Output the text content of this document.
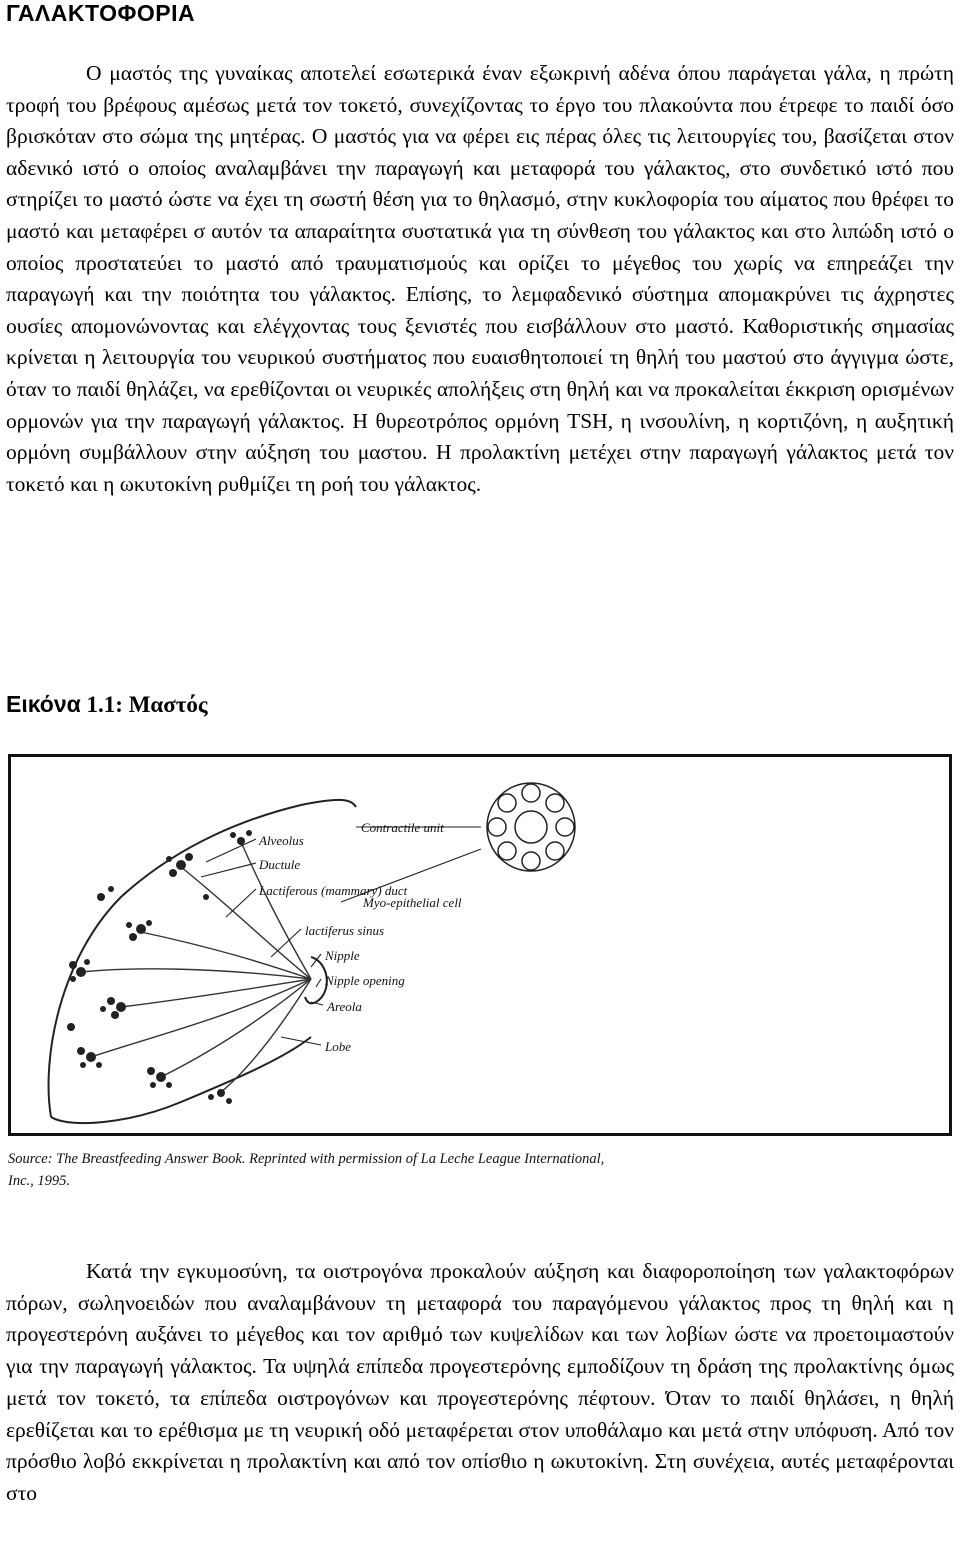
ΓΑΛΑΚΤΟΦΟΡΙΑ

Ο μαστός της γυναίκας αποτελεί εσωτερικά έναν εξωκρινή αδένα όπου παράγεται γάλα, η πρώτη τροφή του βρέφους αμέσως μετά τον τοκετό, συνεχίζοντας το έργο του πλακούντα που έτρεφε το παιδί όσο βρισκόταν στο σώμα της μητέρας. Ο μαστός για να φέρει εις πέρας όλες τις λειτουργίες του, βασίζεται στον αδενικό ιστό ο οποίος αναλαμβάνει την παραγωγή και μεταφορά του γάλακτος, στο συνδετικό ιστό που στηρίζει το μαστό ώστε να έχει τη σωστή θέση για το θηλασμό, στην κυκλοφορία του αίματος που θρέφει το μαστό και μεταφέρει σ αυτόν τα απαραίτητα συστατικά για τη σύνθεση του γάλακτος και στο λιπώδη ιστό ο οποίος προστατεύει το μαστό από τραυματισμούς και ορίζει το μέγεθος του χωρίς να επηρεάζει την παραγωγή και την ποιότητα του γάλακτος. Επίσης, το λεμφαδενικό σύστημα απομακρύνει τις άχρηστες ουσίες απομονώνοντας και ελέγχοντας τους ξενιστές που εισβάλλουν στο μαστό. Καθοριστικής σημασίας κρίνεται η λειτουργία του νευρικού συστήματος που ευαισθητοποιεί τη θηλή του μαστού στο άγγιγμα ώστε, όταν το παιδί θηλάζει, να ερεθίζονται οι νευρικές απολήξεις στη θηλή και να προκαλείται έκκριση ορισμένων ορμονών για την παραγωγή γάλακτος. Η θυρεοτρόπος ορμόνη TSH, η ινσουλίνη, η κορτιζόνη, η αυξητική ορμόνη συμβάλλουν στην αύξηση του μαστου. Η προλακτίνη μετέχει στην παραγωγή γάλακτος μετά τον τοκετό και η ωκυτοκίνη ρυθμίζει τη ροή του γάλακτος.

Εικόνα 1.1: Μαστός

Contractile unit
Alveolus
Ductule
Lactiferous (mammary) duct
Myo-epithelial cell
lactiferus sinus
Nipple
Nipple opening
Areola
Lobe

Source: The Breastfeeding Answer Book. Reprinted with permission of La Leche League International, Inc., 1995.

Κατά την εγκυμοσύνη, τα οιστρογόνα προκαλούν αύξηση και διαφοροποίηση των γαλακτοφόρων πόρων, σωληνοειδών που αναλαμβάνουν τη μεταφορά του παραγόμενου γάλακτος προς τη θηλή και η προγεστερόνη αυξάνει το μέγεθος και τον αριθμό των κυψελίδων και των λοβίων ώστε να προετοιμαστούν για την παραγωγή γάλακτος. Τα υψηλά επίπεδα προγεστερόνης εμποδίζουν τη δράση της προλακτίνης όμως μετά τον τοκετό, τα επίπεδα οιστρογόνων και προγεστερόνης πέφτουν. Όταν το παιδί θηλάσει, η θηλή ερεθίζεται και το ερέθισμα με τη νευρική οδό μεταφέρεται στον υποθάλαμο και μετά στην υπόφυση. Από τον πρόσθιο λοβό εκκρίνεται η προλακτίνη και από τον οπίσθιο η ωκυτοκίνη. Στη συνέχεια, αυτές μεταφέρονται στο
